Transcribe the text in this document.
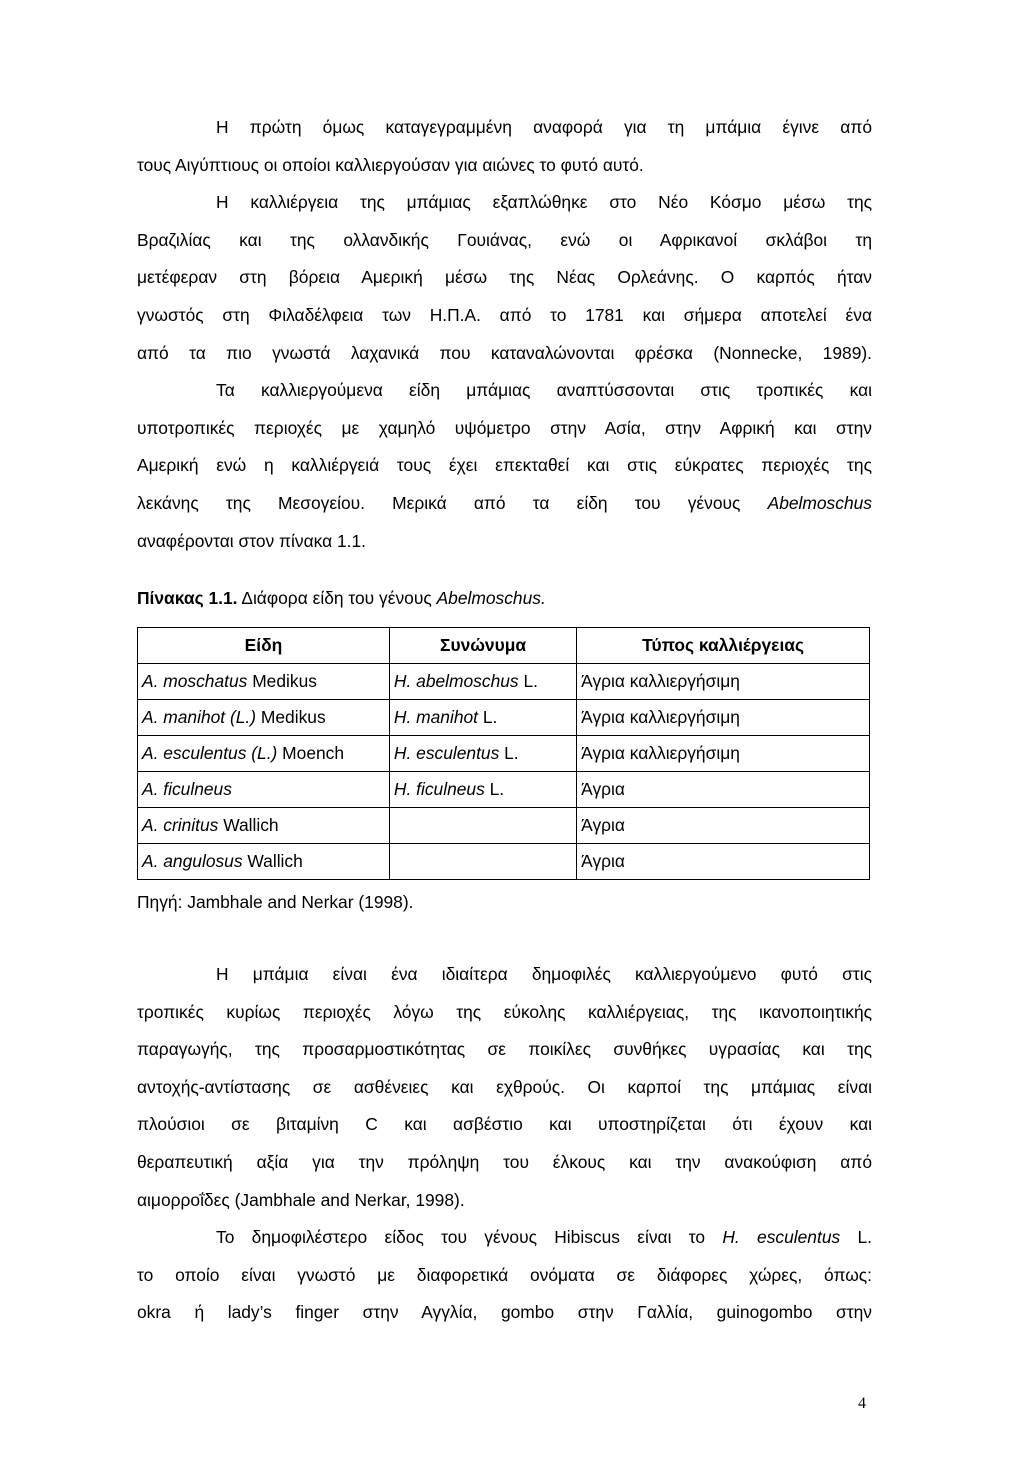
Η πρώτη όμως καταγεγραμμένη αναφορά για τη μπάμια έγινε από
τους Αιγύπτιους οι οποίοι καλλιεργούσαν για αιώνες το φυτό αυτό.
Η καλλιέργεια της μπάμιας εξαπλώθηκε στο Νέο Κόσμο μέσω της
Βραζιλίας και της ολλανδικής Γουιάνας, ενώ οι Αφρικανοί σκλάβοι τη
μετέφεραν στη βόρεια Αμερική μέσω της Νέας Ορλεάνης. Ο καρπός ήταν
γνωστός στη Φιλαδέλφεια των Η.Π.Α. από το 1781 και σήμερα αποτελεί ένα
από τα πιο γνωστά λαχανικά που καταναλώνονται φρέσκα (Nonnecke, 1989).
Τα καλλιεργούμενα είδη μπάμιας αναπτύσσονται στις τροπικές και
υποτροπικές περιοχές με χαμηλό υψόμετρο στην Ασία, στην Αφρική και στην
Αμερική ενώ η καλλιέργειά τους έχει επεκταθεί και στις εύκρατες περιοχές της
λεκάνης της Μεσογείου. Μερικά από τα είδη του γένους Abelmoschus
αναφέρονται στον πίνακα 1.1.
Πίνακας 1.1. Διάφορα είδη του γένους Abelmoschus.
Είδη	Συνώνυμα	Τύπος καλλιέργειας
A. moschatus Medikus	H. abelmoschus L.	Άγρια καλλιεργήσιμη
A. manihot (L.) Medikus	H. manihot L.	Άγρια καλλιεργήσιμη
A. esculentus (L.) Moench	H. esculentus L.	Άγρια καλλιεργήσιμη
A. ficulneus	H. ficulneus L.	Άγρια
A. crinitus Wallich		Άγρια
A. angulosus Wallich		Άγρια
Πηγή: Jambhale and Nerkar (1998).
Η μπάμια είναι ένα ιδιαίτερα δημοφιλές καλλιεργούμενο φυτό στις
τροπικές κυρίως περιοχές λόγω της εύκολης καλλιέργειας, της ικανοποιητικής
παραγωγής, της προσαρμοστικότητας σε ποικίλες συνθήκες υγρασίας και της
αντοχής-αντίστασης σε ασθένειες και εχθρούς. Οι καρποί της μπάμιας είναι
πλούσιοι σε βιταμίνη C και ασβέστιο και υποστηρίζεται ότι έχουν και
θεραπευτική αξία για την πρόληψη του έλκους και την ανακούφιση από
αιμορροΐδες (Jambhale and Nerkar, 1998).
Το δημοφιλέστερο είδος του γένους Hibiscus είναι το H. esculentus L.
το οποίο είναι γνωστό με διαφορετικά ονόματα σε διάφορες χώρες, όπως:
okra ή lady’s finger στην Αγγλία, gombo στην Γαλλία, guinogombo στην
4
